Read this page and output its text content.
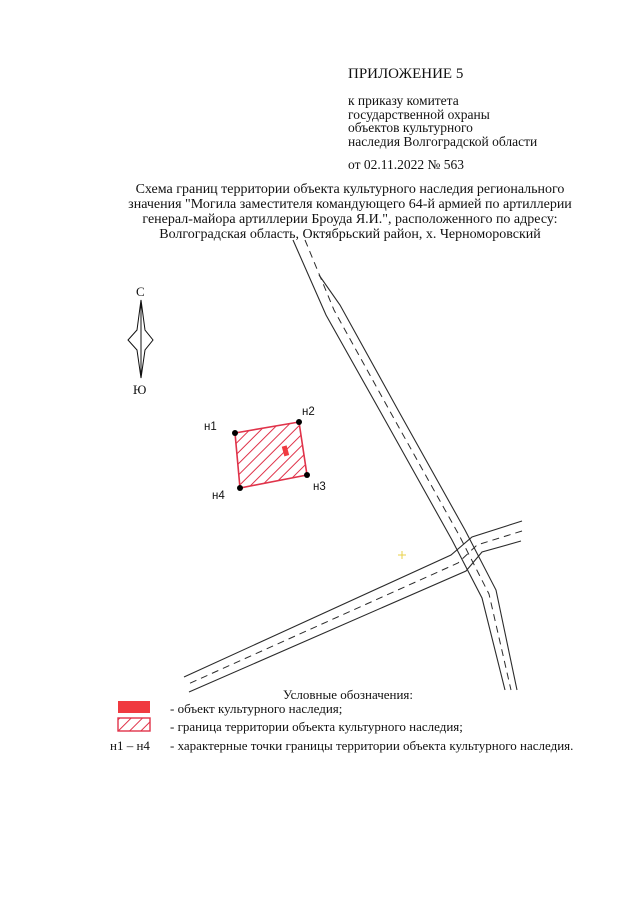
ПРИЛОЖЕНИЕ 5
к приказу комитета
государственной охраны
объектов культурного
наследия Волгоградской области
от 02.11.2022 № 563
Схема границ территории объекта культурного наследия регионального
значения "Могила заместителя командующего 64-й армией по артиллерии
генерал-майора артиллерии Броуда Я.И.", расположенного по адресу:
Волгоградская область, Октябрьский район, х. Черноморовский
С
Ю
н1
н2
н3
н4
Условные обозначения:
- объект культурного наследия;
- граница территории объекта культурного наследия;
н1 – н4 - характерные точки границы территории объекта культурного наследия.
